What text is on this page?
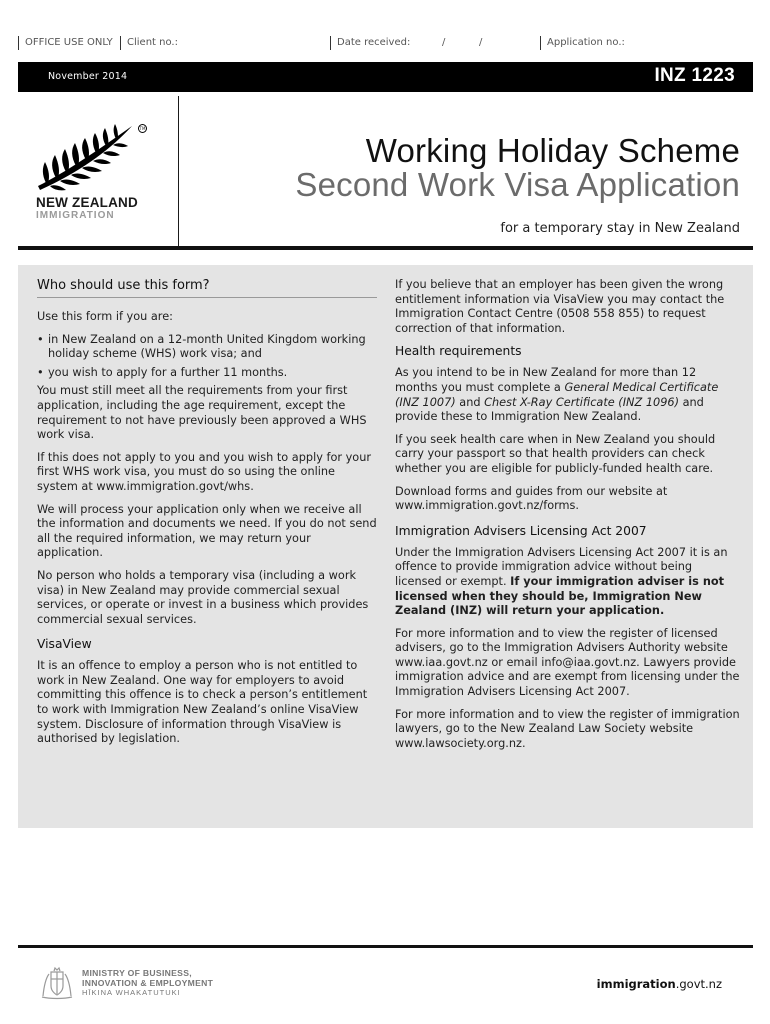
OFFICE USE ONLY	Client no.:	Date received:	/	/	Application no.:
November 2014	INZ 1223
TM
NEW ZEALAND
IMMIGRATION
Working Holiday Scheme
Second Work Visa Application
for a temporary stay in New Zealand
Who should use this form?

Use this form if you are:

• in New Zealand on a 12-month United Kingdom working holiday scheme (WHS) work visa; and
• you wish to apply for a further 11 months.

You must still meet all the requirements from your first application, including the age requirement, except the requirement to not have previously been approved a WHS work visa.

If this does not apply to you and you wish to apply for your first WHS work visa, you must do so using the online system at www.immigration.govt/whs.

We will process your application only when we receive all the information and documents we need. If you do not send all the required information, we may return your application.

No person who holds a temporary visa (including a work visa) in New Zealand may provide commercial sexual services, or operate or invest in a business which provides commercial sexual services.

VisaView

It is an offence to employ a person who is not entitled to work in New Zealand. One way for employers to avoid committing this offence is to check a person’s entitlement to work with Immigration New Zealand’s online VisaView system. Disclosure of information through VisaView is authorised by legislation.

If you believe that an employer has been given the wrong entitlement information via VisaView you may contact the Immigration Contact Centre (0508 558 855) to request correction of that information.

Health requirements

As you intend to be in New Zealand for more than 12 months you must complete a General Medical Certificate (INZ 1007) and Chest X-Ray Certificate (INZ 1096) and provide these to Immigration New Zealand.

If you seek health care when in New Zealand you should carry your passport so that health providers can check whether you are eligible for publicly-funded health care.

Download forms and guides from our website at www.immigration.govt.nz/forms.

Immigration Advisers Licensing Act 2007

Under the Immigration Advisers Licensing Act 2007 it is an offence to provide immigration advice without being licensed or exempt. If your immigration adviser is not licensed when they should be, Immigration New Zealand (INZ) will return your application.

For more information and to view the register of licensed advisers, go to the Immigration Advisers Authority website www.iaa.govt.nz or email info@iaa.govt.nz. Lawyers provide immigration advice and are exempt from licensing under the Immigration Advisers Licensing Act 2007.

For more information and to view the register of immigration lawyers, go to the New Zealand Law Society website www.lawsociety.org.nz.

MINISTRY OF BUSINESS,
INNOVATION & EMPLOYMENT
HĪKINA WHAKATUTUKI
immigration.govt.nz
